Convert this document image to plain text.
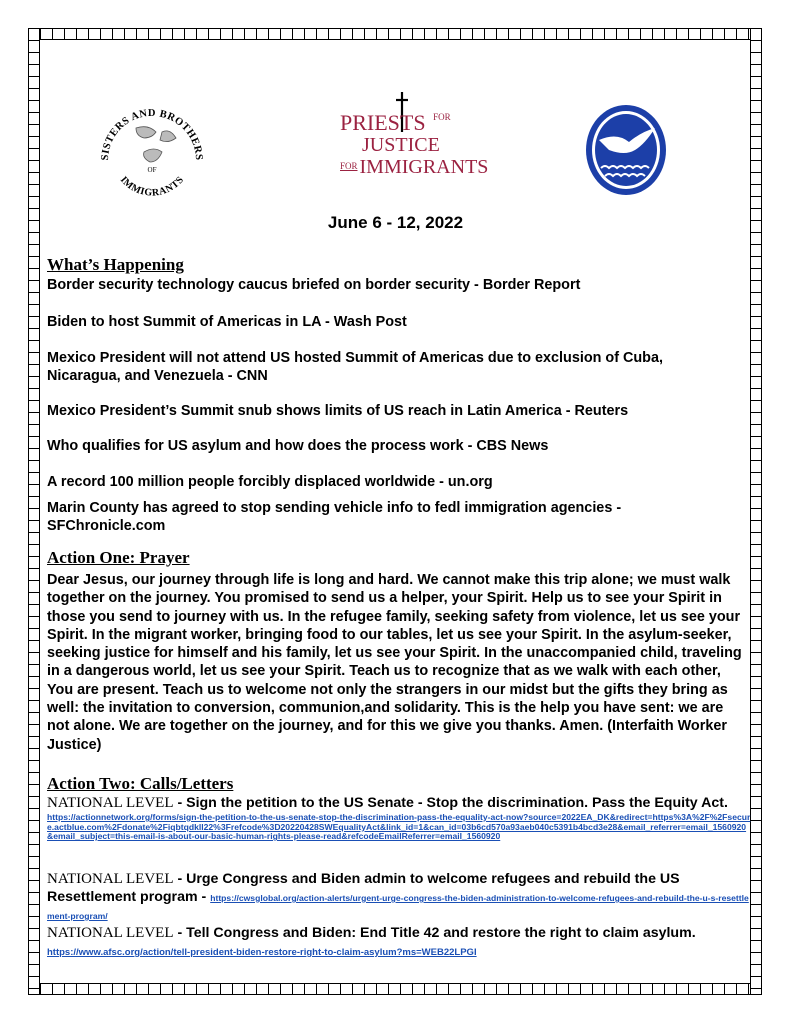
SISTERS AND BROTHERS
IMMIGRANTS
OF
PRIESTS $^{FOR}$
JUSTICE
$^{FOR}$ IMMIGRANTS
June 6 - 12, 2022
What’s Happening
Border security technology caucus briefed on border security - Border Report
Biden to host Summit of Americas in LA - Wash Post
Mexico President will not attend US hosted Summit of Americas due to exclusion of Cuba, Nicaragua, and Venezuela - CNN
Mexico President’s Summit snub shows limits of US reach in Latin America - Reuters
Who qualifies for US asylum and how does the process work - CBS News
A record 100 million people forcibly displaced worldwide - un.org
Marin County has agreed to stop sending vehicle info to fedl immigration agencies - SFChronicle.com
Action One: Prayer
Dear Jesus, our journey through life is long and hard. We cannot make this trip alone; we must walk together on the journey. You promised to send us a helper, your Spirit. Help us to see your Spirit in those you send to journey with us. In the refugee family, seeking safety from violence, let us see your Spirit. In the migrant worker, bringing food to our tables, let us see your Spirit. In the asylum-seeker, seeking justice for himself and his family, let us see your Spirit. In the unaccompanied child, traveling in a dangerous world, let us see your Spirit. Teach us to recognize that as we walk with each other, You are present. Teach us to welcome not only the strangers in our midst but the gifts they bring as well: the invitation to conversion, communion,and solidarity. This is the help you have sent: we are not alone. We are together on the journey, and for this we give you thanks. Amen. (Interfaith Worker Justice)
Action Two: Calls/Letters
NATIONAL LEVEL - Sign the petition to the US Senate - Stop the discrimination. Pass the Equity Act.
https://actionnetwork.org/forms/sign-the-petition-to-the-us-senate-stop-the-discrimination-pass-the-equality-act-now?source=2022EA_DK&redirect=https%3A%2F%2Fsecure.actblue.com%2Fdonate%2Fiqbtqdkll22%3Frefcode%3D20220428SWEqualityAct&link_id=1&can_id=03b6cd570a93aeb040c5391b4bcd3e28&email_referrer=email_1560920&email_subject=this-email-is-about-our-basic-human-rights-please-read&refcodeEmailReferrer=email_1560920
NATIONAL LEVEL - Urge Congress and Biden admin to welcome refugees and rebuild the US Resettlement program - https://cwsglobal.org/action-alerts/urgent-urge-congress-the-biden-administration-to-welcome-refugees-and-rebuild-the-u-s-resettlement-program/
NATIONAL LEVEL - Tell Congress and Biden: End Title 42 and restore the right to claim asylum. https://www.afsc.org/action/tell-president-biden-restore-right-to-claim-asylum?ms=WEB22LPGI
